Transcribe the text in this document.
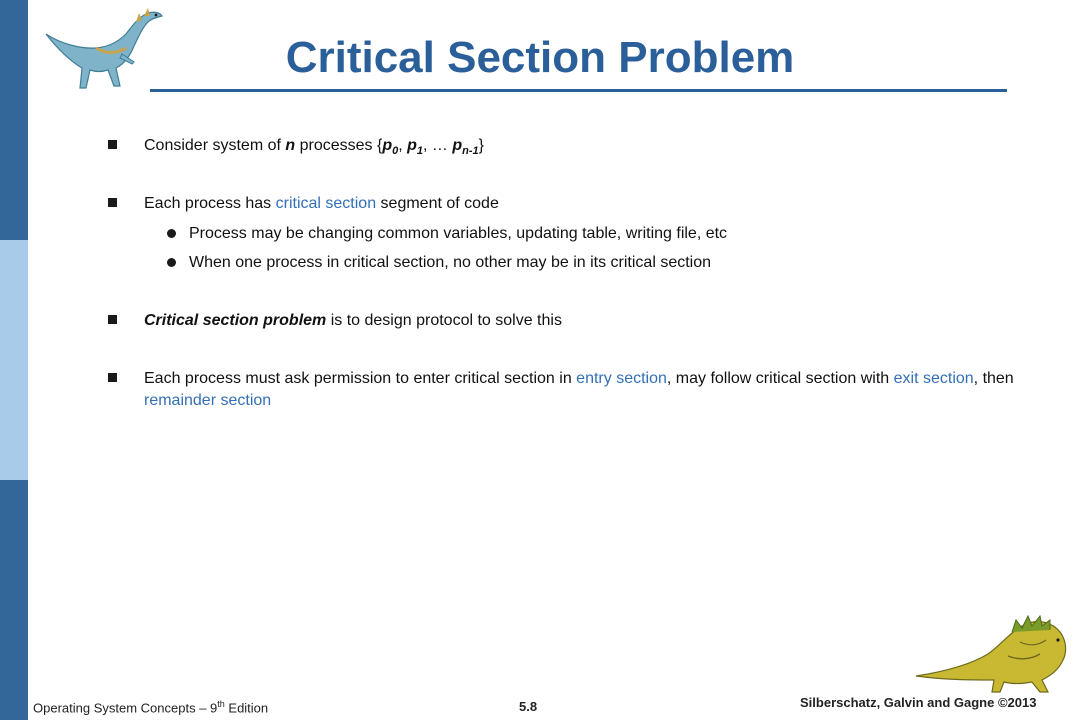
Critical Section Problem
Consider system of n processes {$p_0$, $p_1$, … $p_{n-1}$}
Each process has critical section segment of code
Process may be changing common variables, updating table, writing file, etc
When one process in critical section, no other may be in its critical section
Critical section problem is to design protocol to solve this
Each process must ask permission to enter critical section in entry section, may follow critical section with exit section, then remainder section
Operating System Concepts – 9th Edition	5.8	Silberschatz, Galvin and Gagne ©2013
